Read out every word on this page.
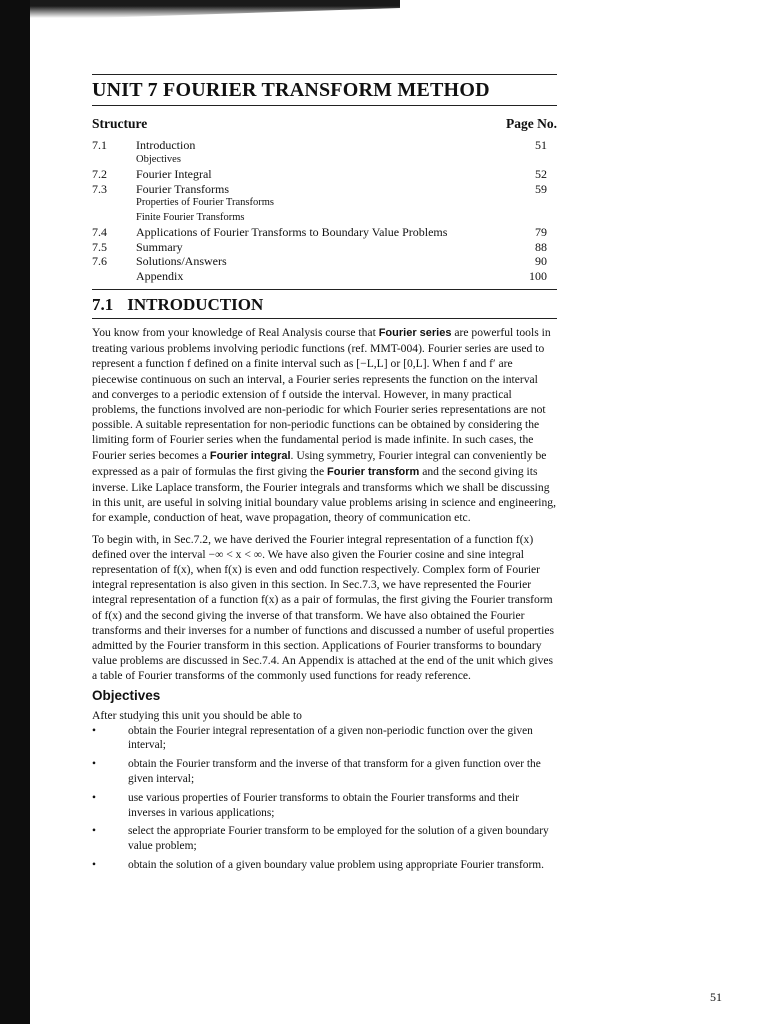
UNIT 7 FOURIER TRANSFORM METHOD
Structure	Page No.
7.1	Introduction	51
Objectives
7.2	Fourier Integral	52
7.3	Fourier Transforms	59
Properties of Fourier Transforms
Finite Fourier Transforms
7.4	Applications of Fourier Transforms to Boundary Value Problems	79
7.5	Summary	88
7.6	Solutions/Answers	90
Appendix	100
7.1 INTRODUCTION

You know from your knowledge of Real Analysis course that Fourier series are powerful tools in treating various problems involving periodic functions (ref. MMT-004). Fourier series are used to represent a function f defined on a finite interval such as [−L,L] or [0,L]. When f and f′ are piecewise continuous on such an interval, a Fourier series represents the function on the interval and converges to a periodic extension of f outside the interval. However, in many practical problems, the functions involved are non-periodic for which Fourier series representations are not possible. A suitable representation for non-periodic functions can be obtained by considering the limiting form of Fourier series when the fundamental period is made infinite. In such cases, the Fourier series becomes a Fourier integral. Using symmetry, Fourier integral can conveniently be expressed as a pair of formulas the first giving the Fourier transform and the second giving its inverse. Like Laplace transform, the Fourier integrals and transforms which we shall be discussing in this unit, are useful in solving initial boundary value problems arising in science and engineering, for example, conduction of heat, wave propagation, theory of communication etc.

To begin with, in Sec.7.2, we have derived the Fourier integral representation of a function f(x) defined over the interval −∞ < x < ∞. We have also given the Fourier cosine and sine integral representation of f(x), when f(x) is even and odd function respectively. Complex form of Fourier integral representation is also given in this section. In Sec.7.3, we have represented the Fourier integral representation of a function f(x) as a pair of formulas, the first giving the Fourier transform of f(x) and the second giving the inverse of that transform. We have also obtained the Fourier transforms and their inverses for a number of functions and discussed a number of useful properties admitted by the Fourier transform in this section. Applications of Fourier transforms to boundary value problems are discussed in Sec.7.4. An Appendix is attached at the end of the unit which gives a table of Fourier transforms of the commonly used functions for ready reference.

Objectives
After studying this unit you should be able to
• obtain the Fourier integral representation of a given non-periodic function over the given interval;
• obtain the Fourier transform and the inverse of that transform for a given function over the given interval;
• use various properties of Fourier transforms to obtain the Fourier transforms and their inverses in various applications;
• select the appropriate Fourier transform to be employed for the solution of a given boundary value problem;
• obtain the solution of a given boundary value problem using appropriate Fourier transform.
51
